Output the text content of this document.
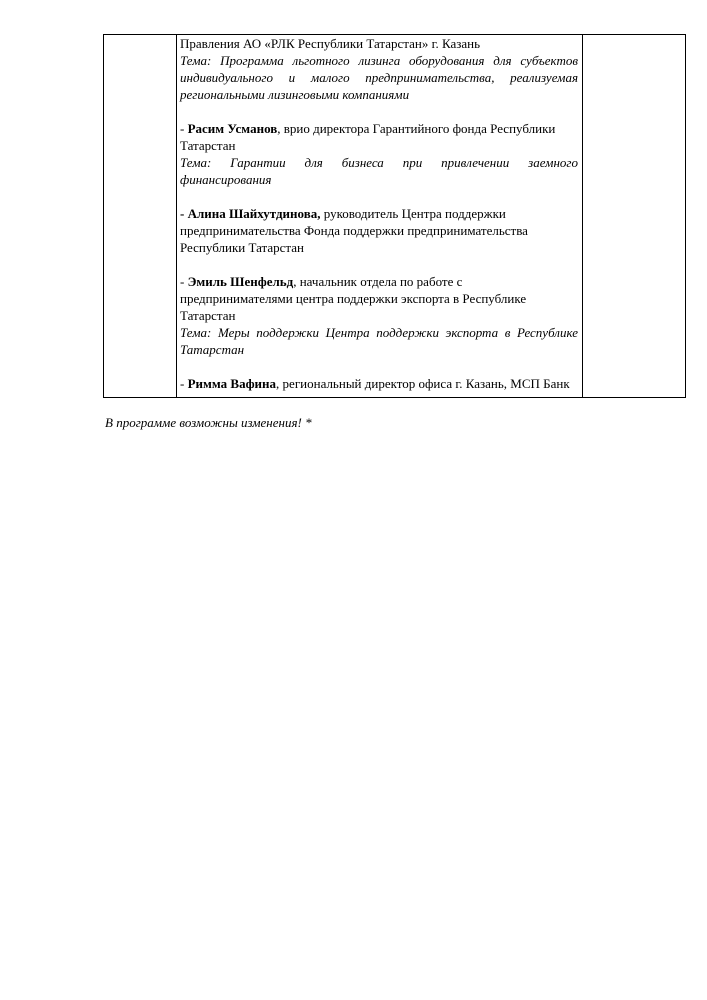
Правления АО «РЛК Республики Татарстан» г. Казань
Тема: Программа льготного лизинга оборудования для субъектов индивидуального и малого предпринимательства, реализуемая региональными лизинговыми компаниями
- Расим Усманов, врио директора Гарантийного фонда Республики Татарстан
Тема: Гарантии для бизнеса при привлечении заемного финансирования
- Алина Шайхутдинова, руководитель Центра поддержки предпринимательства Фонда поддержки предпринимательства Республики Татарстан
- Эмиль Шенфельд, начальник отдела по работе с предпринимателями центра поддержки экспорта в Республике Татарстан
Тема: Меры поддержки Центра поддержки экспорта в Республике Татарстан
- Римма Вафина, региональный директор офиса г. Казань, МСП Банк

В программе возможны изменения! *
